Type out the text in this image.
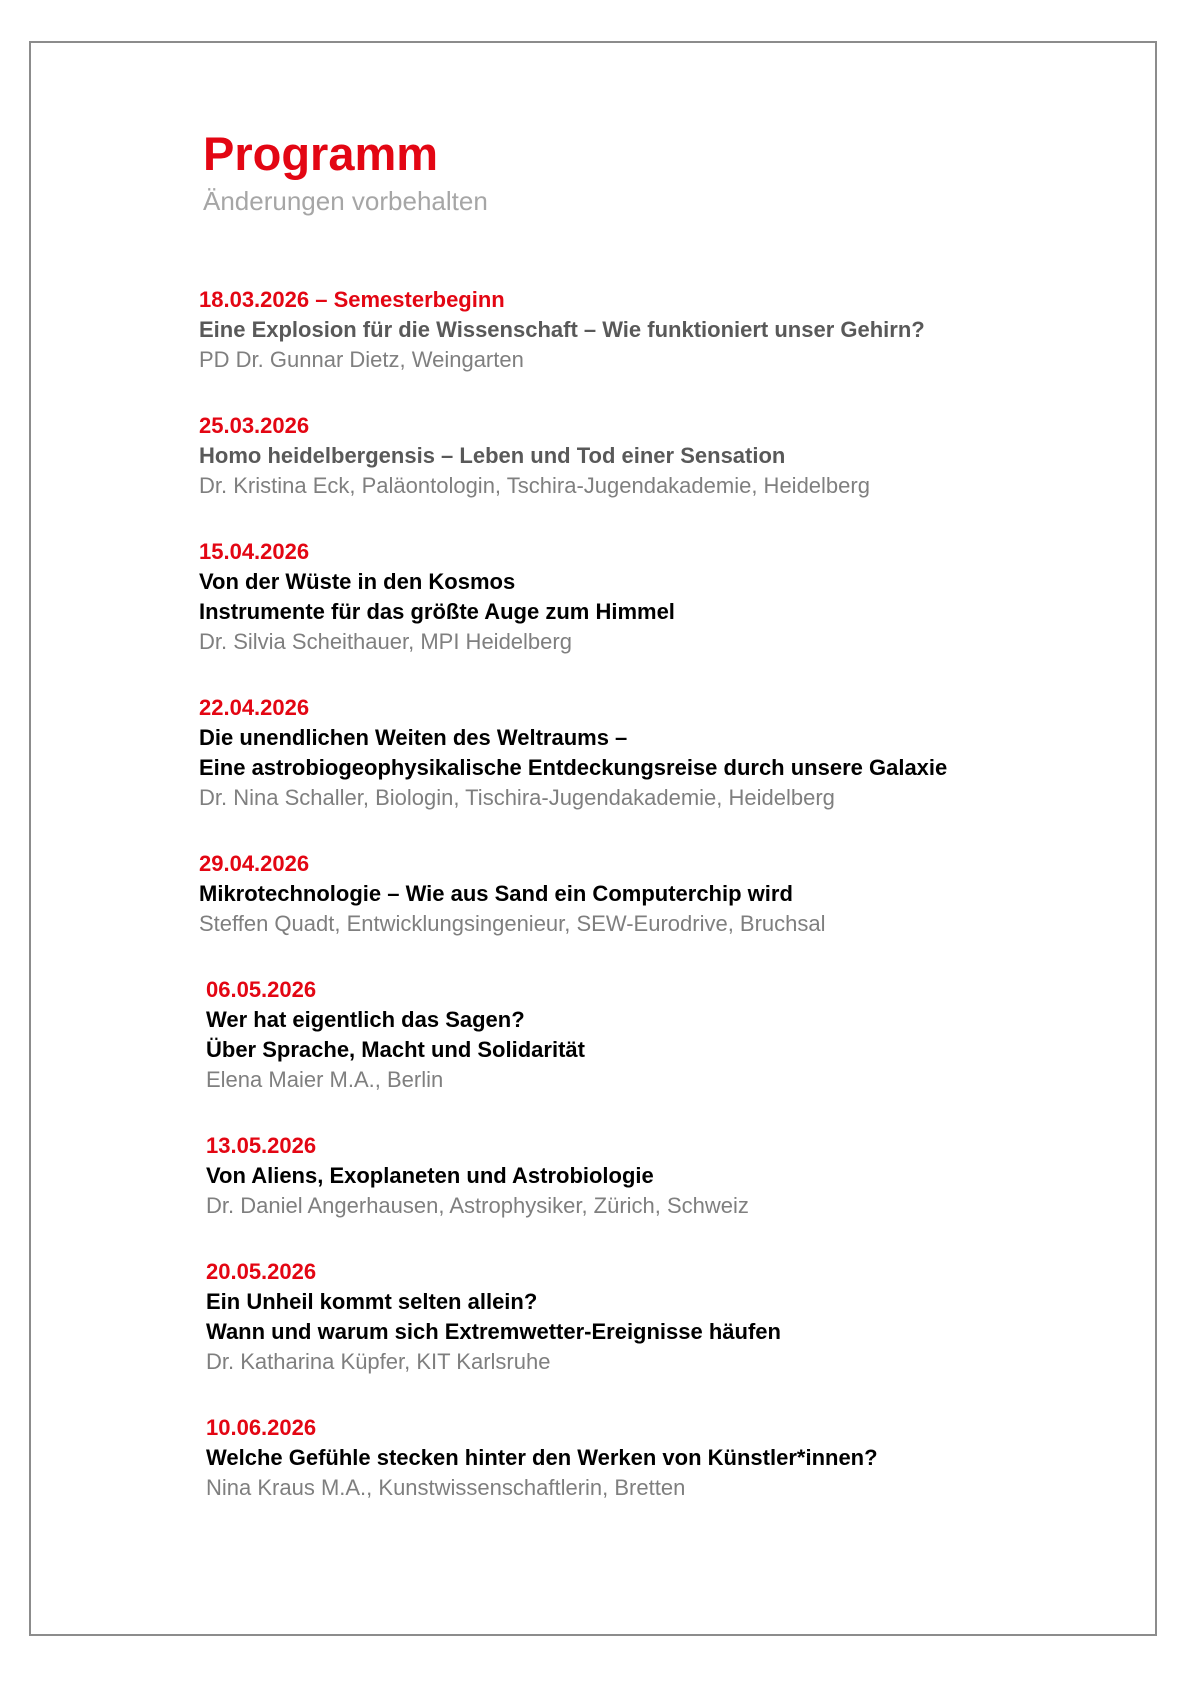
Programm
Änderungen vorbehalten
18.03.2026 – Semesterbeginn
Eine Explosion für die Wissenschaft – Wie funktioniert unser Gehirn?
PD Dr. Gunnar Dietz, Weingarten
25.03.2026
Homo heidelbergensis – Leben und Tod einer Sensation
Dr. Kristina Eck, Paläontologin, Tschira-Jugendakademie, Heidelberg
15.04.2026
Von der Wüste in den Kosmos
Instrumente für das größte Auge zum Himmel
Dr. Silvia Scheithauer, MPI Heidelberg
22.04.2026
Die unendlichen Weiten des Weltraums –
Eine astrobiogeophysikalische Entdeckungsreise durch unsere Galaxie
Dr. Nina Schaller, Biologin, Tischira-Jugendakademie, Heidelberg
29.04.2026
Mikrotechnologie – Wie aus Sand ein Computerchip wird
Steffen Quadt, Entwicklungsingenieur, SEW-Eurodrive, Bruchsal
06.05.2026
Wer hat eigentlich das Sagen?
Über Sprache, Macht und Solidarität
Elena Maier M.A., Berlin
13.05.2026
Von Aliens, Exoplaneten und Astrobiologie
Dr. Daniel Angerhausen, Astrophysiker, Zürich, Schweiz
20.05.2026
Ein Unheil kommt selten allein?
Wann und warum sich Extremwetter-Ereignisse häufen
Dr. Katharina Küpfer, KIT Karlsruhe
10.06.2026
Welche Gefühle stecken hinter den Werken von Künstler*innen?
Nina Kraus M.A., Kunstwissenschaftlerin, Bretten
